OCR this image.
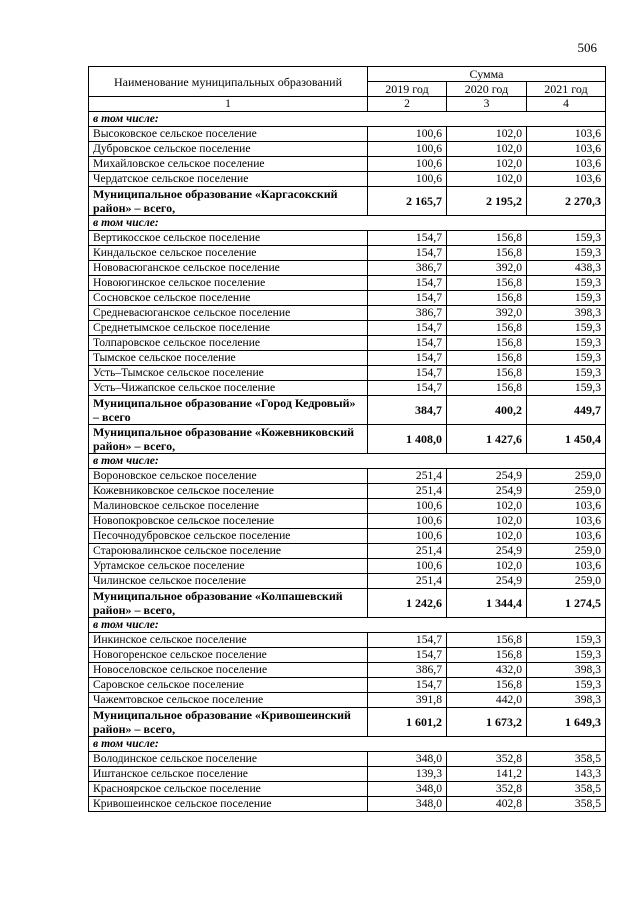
506
Наименование муниципальных образований	Сумма		
	2019 год	2020 год	2021 год
1	2	3	4
в том числе:			
Высоковское сельское поселение	100,6	102,0	103,6
Дубровское сельское поселение	100,6	102,0	103,6
Михайловское сельское поселение	100,6	102,0	103,6
Чердатское сельское поселение	100,6	102,0	103,6
Муниципальное образование «Каргасокский район» – всего,	2 165,7	2 195,2	2 270,3
в том числе:			
Вертикосское сельское поселение	154,7	156,8	159,3
Киндальское сельское поселение	154,7	156,8	159,3
Нововасюганское сельское поселение	386,7	392,0	438,3
Новоюгинское сельское поселение	154,7	156,8	159,3
Сосновское сельское поселение	154,7	156,8	159,3
Средневасюганское сельское поселение	386,7	392,0	398,3
Среднетымское сельское поселение	154,7	156,8	159,3
Толпаровское сельское поселение	154,7	156,8	159,3
Тымское сельское поселение	154,7	156,8	159,3
Усть–Тымское сельское поселение	154,7	156,8	159,3
Усть–Чижапское сельское поселение	154,7	156,8	159,3
Муниципальное образование «Город Кедровый» – всего	384,7	400,2	449,7
Муниципальное образование «Кожевниковский район» – всего,	1 408,0	1 427,6	1 450,4
в том числе:			
Вороновское сельское поселение	251,4	254,9	259,0
Кожевниковское сельское поселение	251,4	254,9	259,0
Малиновское сельское поселение	100,6	102,0	103,6
Новопокровское сельское поселение	100,6	102,0	103,6
Песочнодубровское сельское поселение	100,6	102,0	103,6
Староювалинское сельское поселение	251,4	254,9	259,0
Уртамское сельское поселение	100,6	102,0	103,6
Чилинское сельское поселение	251,4	254,9	259,0
Муниципальное образование «Колпашевский район» – всего,	1 242,6	1 344,4	1 274,5
в том числе:			
Инкинское сельское поселение	154,7	156,8	159,3
Новогоренское сельское поселение	154,7	156,8	159,3
Новоселовское сельское поселение	386,7	432,0	398,3
Саровское сельское поселение	154,7	156,8	159,3
Чажемтовское сельское поселение	391,8	442,0	398,3
Муниципальное образование «Кривошеинский район» – всего,	1 601,2	1 673,2	1 649,3
в том числе:			
Володинское сельское поселение	348,0	352,8	358,5
Иштанское сельское поселение	139,3	141,2	143,3
Красноярское сельское поселение	348,0	352,8	358,5
Кривошеинское сельское поселение	348,0	402,8	358,5
